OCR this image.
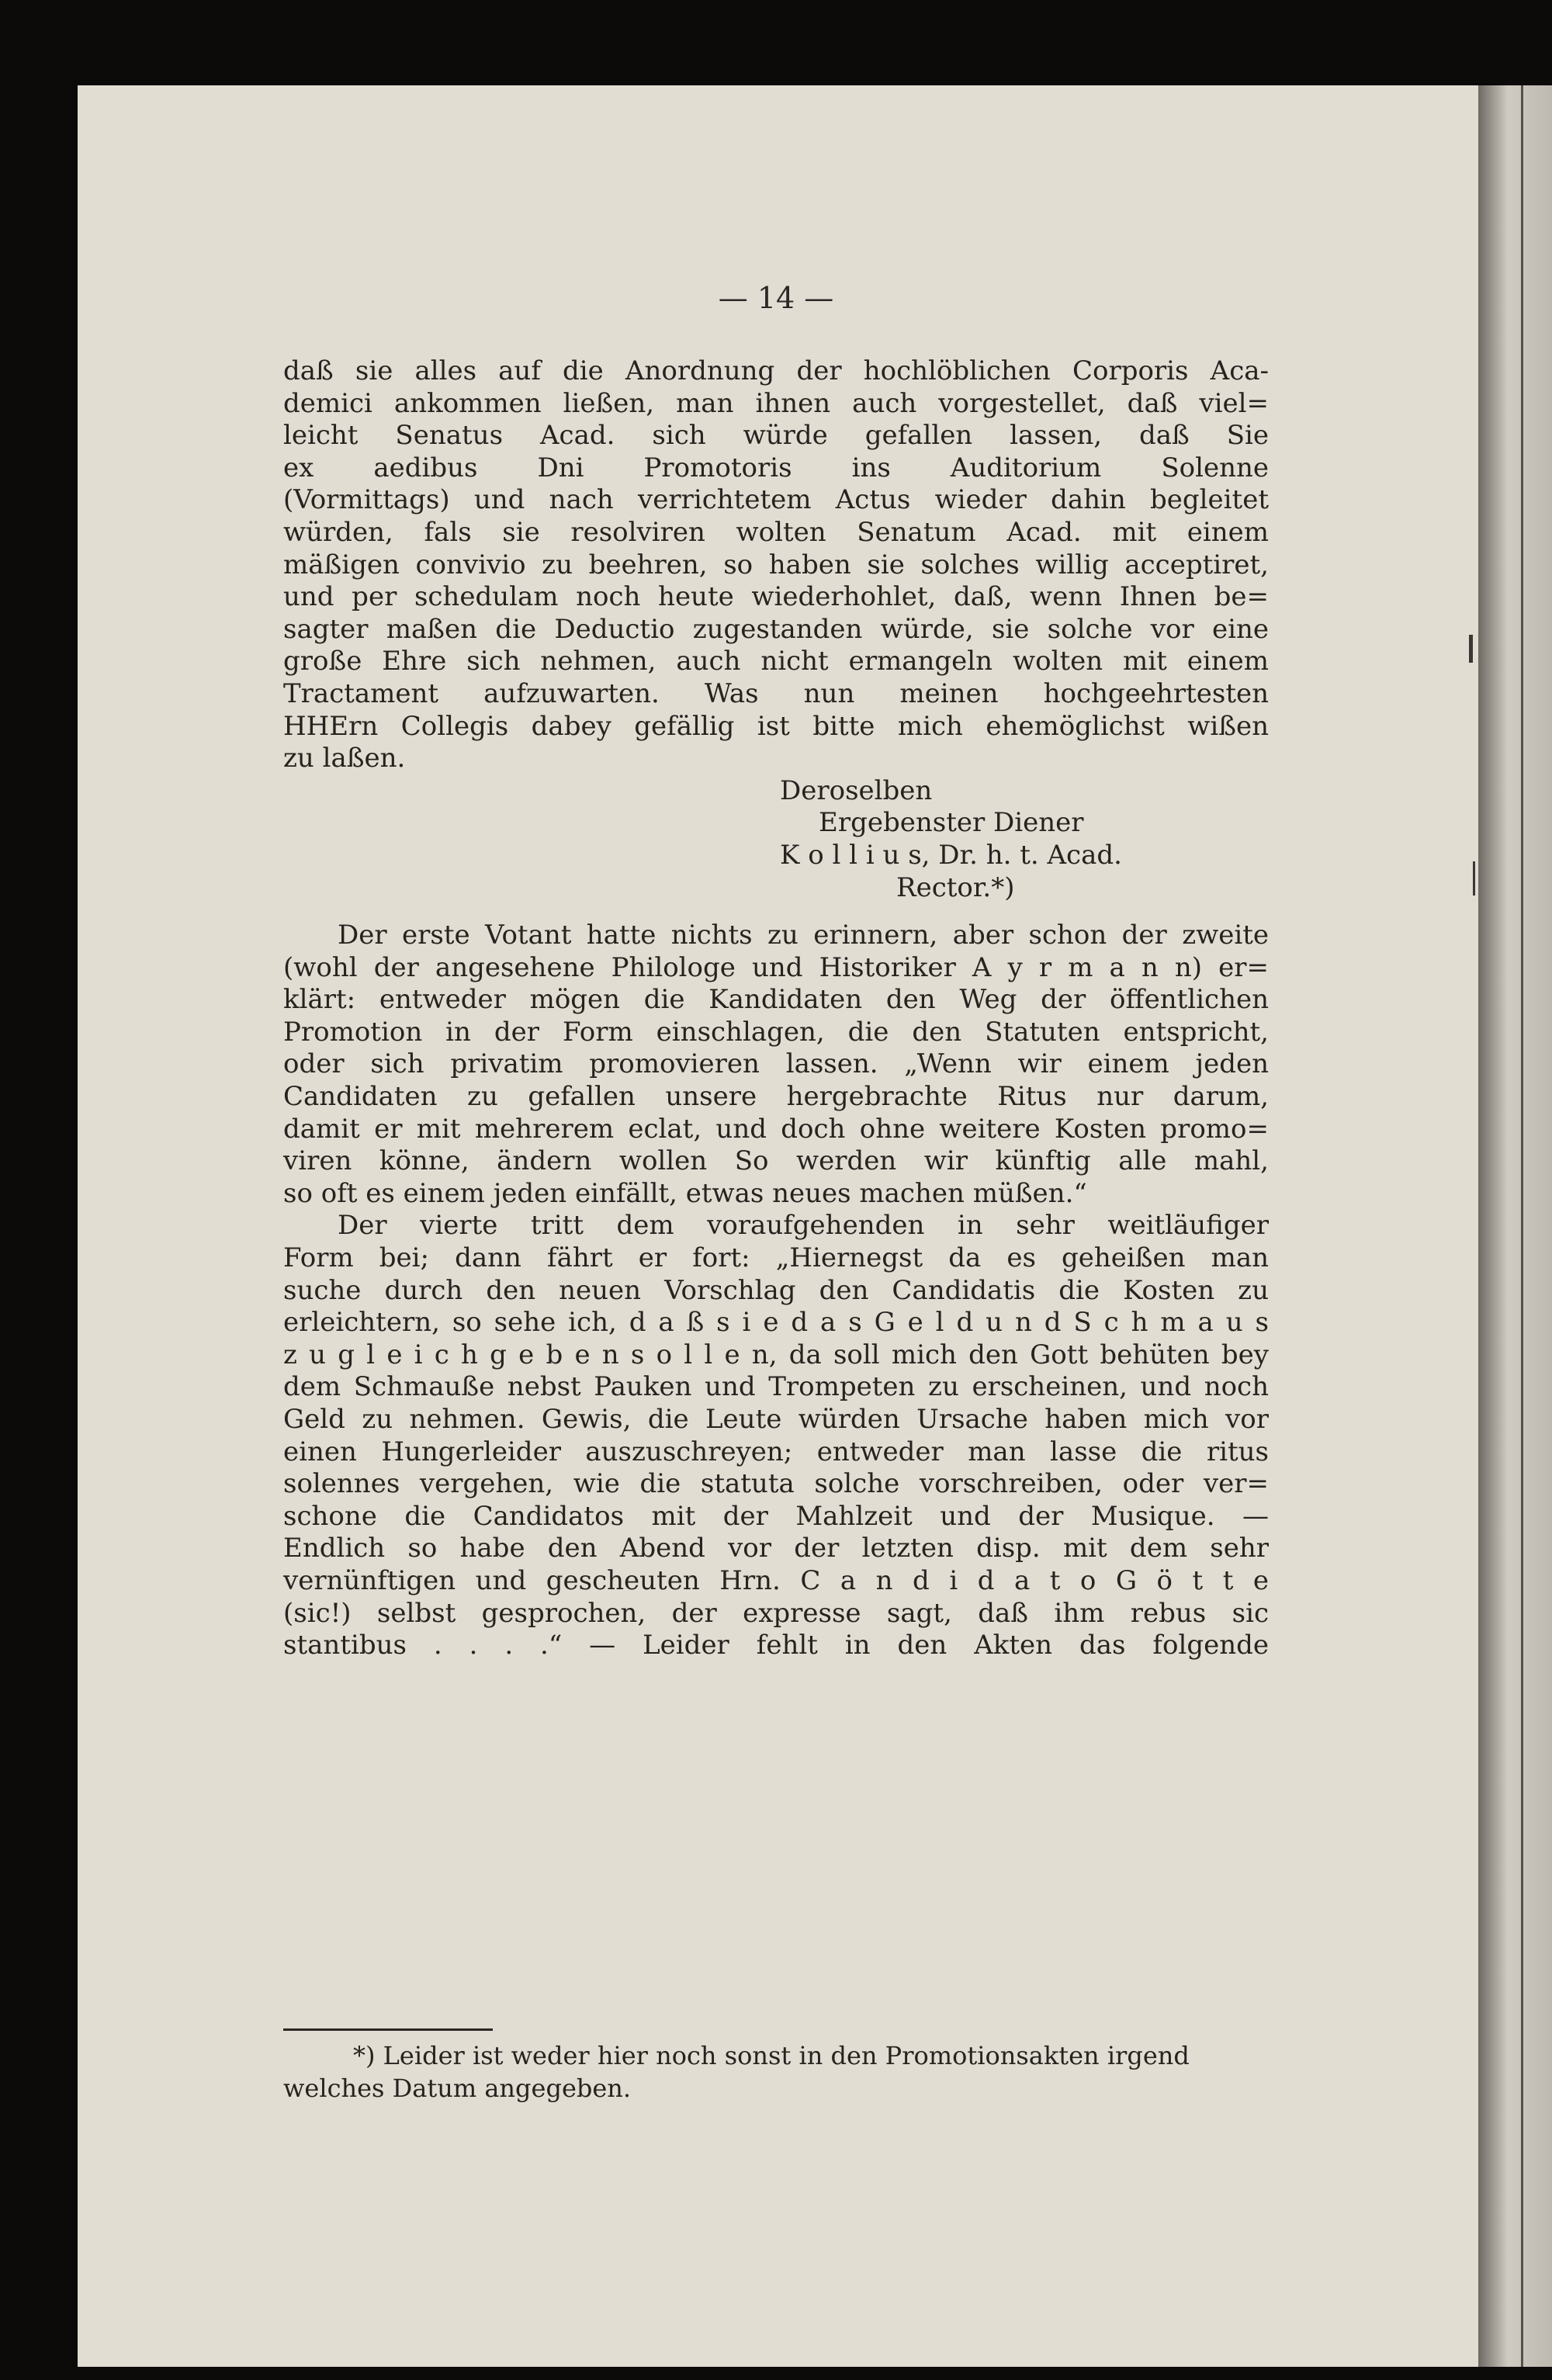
— 14 —
daß sie alles auf die Anordnung der hochlöblichen Corporis Aca-
demici ankommen ließen, man ihnen auch vorgestellet, daß viel=
leicht Senatus Acad. sich würde gefallen lassen, daß Sie
ex aedibus Dni Promotoris ins Auditorium Solenne
(Vormittags) und nach verrichtetem Actus wieder dahin begleitet
würden, fals sie resolviren wolten Senatum Acad. mit einem
mäßigen convivio zu beehren, so haben sie solches willig acceptiret,
und per schedulam noch heute wiederhohlet, daß, wenn Ihnen be=
sagter maßen die Deductio zugestanden würde, sie solche vor eine
große Ehre sich nehmen, auch nicht ermangeln wolten mit einem
Tractament aufzuwarten. Was nun meinen hochgeehrtesten
HHErn Collegis dabey gefällig ist bitte mich ehemöglichst wißen
zu laßen.
Deroselben
Ergebenster Diener
K o l l i u s, Dr. h. t. Acad.
Rector.*)
Der erste Votant hatte nichts zu erinnern, aber schon der zweite
(wohl der angesehene Philologe und Historiker A y r m a n n) er=
klärt: entweder mögen die Kandidaten den Weg der öffentlichen
Promotion in der Form einschlagen, die den Statuten entspricht,
oder sich privatim promovieren lassen. „Wenn wir einem jeden
Candidaten zu gefallen unsere hergebrachte Ritus nur darum,
damit er mit mehrerem eclat, und doch ohne weitere Kosten promo=
viren könne, ändern wollen So werden wir künftig alle mahl,
so oft es einem jeden einfällt, etwas neues machen müßen.“
Der vierte tritt dem voraufgehenden in sehr weitläufiger
Form bei; dann fährt er fort: „Hiernegst da es geheißen man
suche durch den neuen Vorschlag den Candidatis die Kosten zu
erleichtern, so sehe ich, d a ß s i e d a s G e l d u n d S c h m a u s
z u g l e i c h g e b e n s o l l e n, da soll mich den Gott behüten bey
dem Schmauße nebst Pauken und Trompeten zu erscheinen, und noch
Geld zu nehmen. Gewis, die Leute würden Ursache haben mich vor
einen Hungerleider auszuschreyen; entweder man lasse die ritus
solennes vergehen, wie die statuta solche vorschreiben, oder ver=
schone die Candidatos mit der Mahlzeit und der Musique. —
Endlich so habe den Abend vor der letzten disp. mit dem sehr
vernünftigen und gescheuten Hrn. C a n d i d a t o G ö t t e
(sic!) selbst gesprochen, der expresse sagt, daß ihm rebus sic
stantibus . . . .“ — Leider fehlt in den Akten das folgende
*) Leider ist weder hier noch sonst in den Promotionsakten irgend
welches Datum angegeben.
